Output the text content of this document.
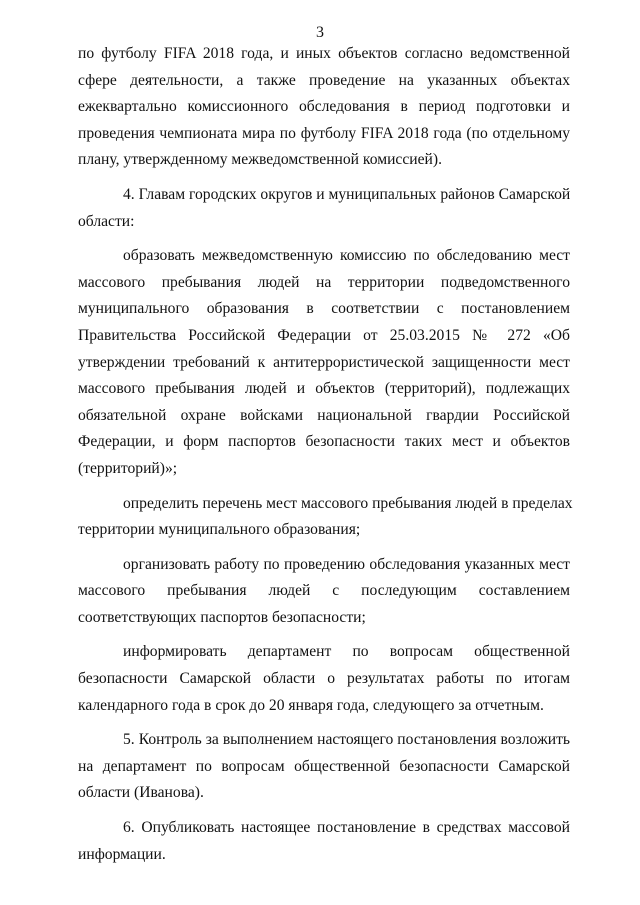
3
по футболу FIFA 2018 года, и иных объектов согласно ведомственной
сфере деятельности, а также проведение на указанных объектах
ежеквартально комиссионного обследования в период подготовки и
проведения чемпионата мира по футболу FIFA 2018 года (по отдельному
плану, утвержденному межведомственной комиссией).
4. Главам городских округов и муниципальных районов Самарской
области:
образовать межведомственную комиссию по обследованию мест
массового пребывания людей на территории подведомственного
муниципального образования в соответствии с постановлением
Правительства Российской Федерации от 25.03.2015 № 272 «Об
утверждении требований к антитеррористической защищенности мест
массового пребывания людей и объектов (территорий), подлежащих
обязательной охране войсками национальной гвардии Российской
Федерации, и форм паспортов безопасности таких мест и объектов
(территорий)»;
определить перечень мест массового пребывания людей в пределах
территории муниципального образования;
организовать работу по проведению обследования указанных мест
массового пребывания людей с последующим составлением
соответствующих паспортов безопасности;
информировать департамент по вопросам общественной
безопасности Самарской области о результатах работы по итогам
календарного года в срок до 20 января года, следующего за отчетным.
5. Контроль за выполнением настоящего постановления возложить
на департамент по вопросам общественной безопасности Самарской
области (Иванова).
6. Опубликовать настоящее постановление в средствах массовой
информации.
